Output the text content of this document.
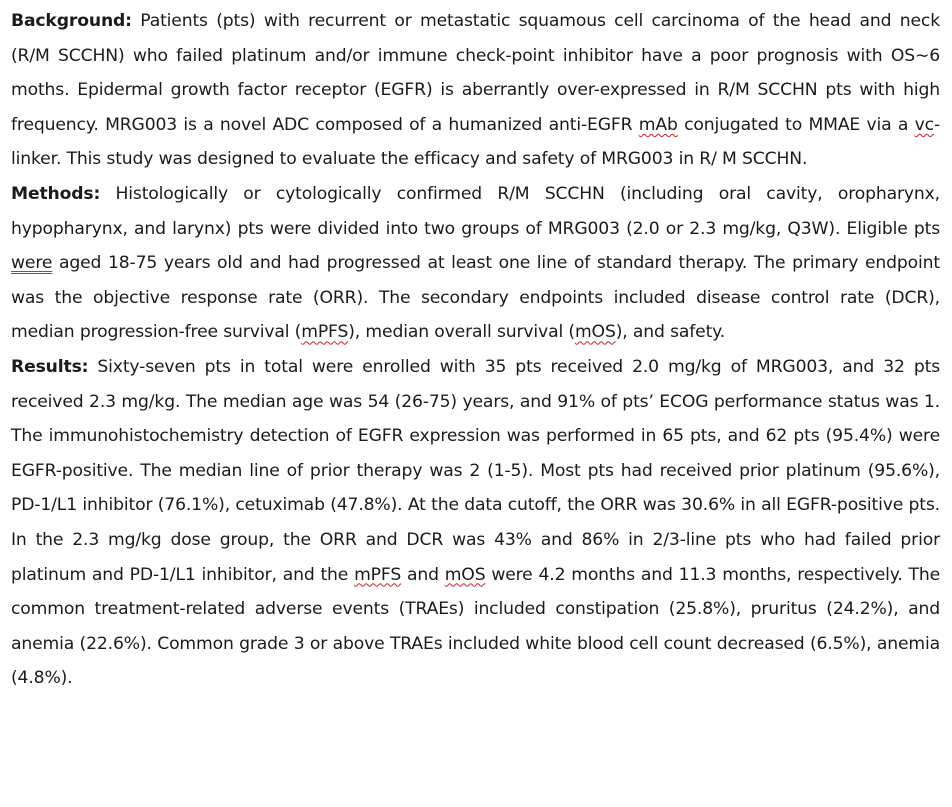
Background: Patients (pts) with recurrent or metastatic squamous cell carcinoma of the head and neck (R/M SCCHN) who failed platinum and/or immune check-point inhibitor have a poor prognosis with OS∼6 moths. Epidermal growth factor receptor (EGFR) is aberrantly over-expressed in R/M SCCHN pts with high frequency. MRG003 is a novel ADC composed of a humanized anti-EGFR mAb conjugated to MMAE via a vc-linker. This study was designed to evaluate the efficacy and safety of MRG003 in R/ M SCCHN.

Methods: Histologically or cytologically confirmed R/M SCCHN (including oral cavity, oropharynx, hypopharynx, and larynx) pts were divided into two groups of MRG003 (2.0 or 2.3 mg/kg, Q3W). Eligible pts were aged 18-75 years old and had progressed at least one line of standard therapy. The primary endpoint was the objective response rate (ORR). The secondary endpoints included disease control rate (DCR), median progression-free survival (mPFS), median overall survival (mOS), and safety.

Results: Sixty-seven pts in total were enrolled with 35 pts received 2.0 mg/kg of MRG003, and 32 pts received 2.3 mg/kg. The median age was 54 (26-75) years, and 91% of pts’ ECOG performance status was 1. The immunohistochemistry detection of EGFR expression was performed in 65 pts, and 62 pts (95.4%) were EGFR-positive. The median line of prior therapy was 2 (1-5). Most pts had received prior platinum (95.6%), PD-1/L1 inhibitor (76.1%), cetuximab (47.8%). At the data cutoff, the ORR was 30.6% in all EGFR-positive pts. In the 2.3 mg/kg dose group, the ORR and DCR was 43% and 86% in 2/3-line pts who had failed prior platinum and PD-1/L1 inhibitor, and the mPFS and mOS were 4.2 months and 11.3 months, respectively. The common treatment-related adverse events (TRAEs) included constipation (25.8%), pruritus (24.2%), and anemia (22.6%). Common grade 3 or above TRAEs included white blood cell count decreased (6.5%), anemia (4.8%).
